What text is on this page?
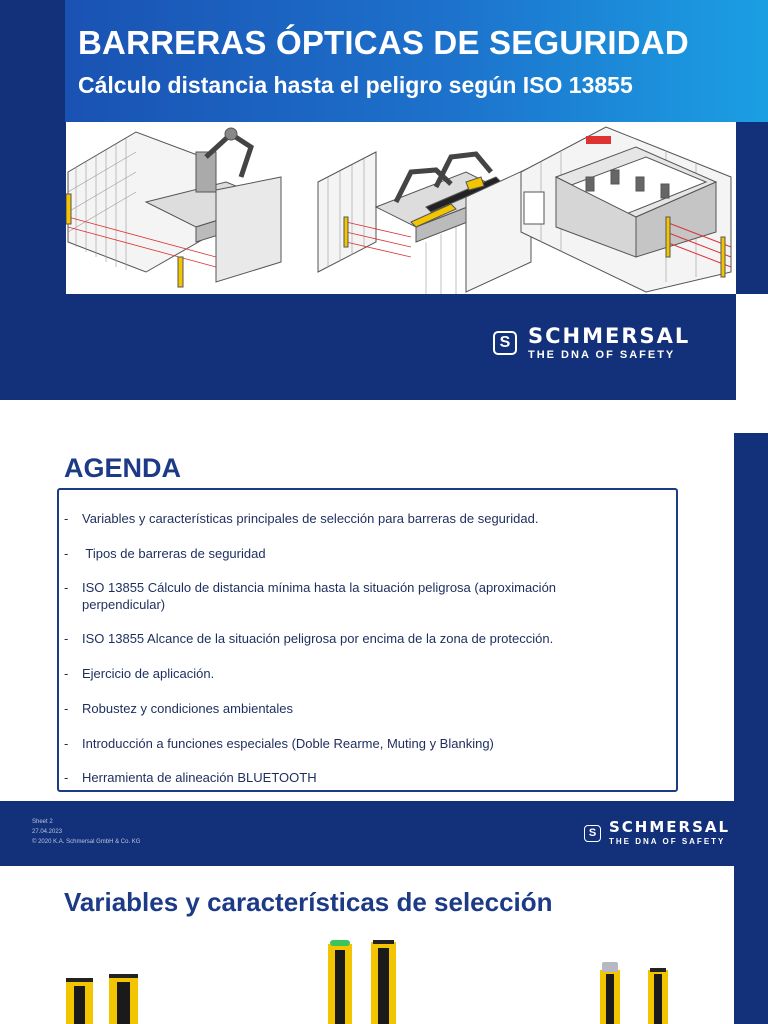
BARRERAS ÓPTICAS DE SEGURIDAD
Cálculo distancia hasta el peligro según ISO 13855
S SCHMERSAL
THE DNA OF SAFETY
AGENDA
-	Variables y características principales de selección para barreras de seguridad.
-	Tipos de barreras de seguridad
-	ISO 13855 Cálculo de distancia mínima hasta la situación peligrosa (aproximación perpendicular)
-	ISO 13855 Alcance de la situación peligrosa por encima de la zona de protección.
-	Ejercicio de aplicación.
-	Robustez y condiciones ambientales
-	Introducción a funciones especiales (Doble Rearme, Muting y Blanking)
-	Herramienta de alineación BLUETOOTH
Sheet 2
27.04.2023
© 2020 K.A. Schmersal GmbH & Co. KG
S SCHMERSAL
THE DNA OF SAFETY
Variables y características de selección
